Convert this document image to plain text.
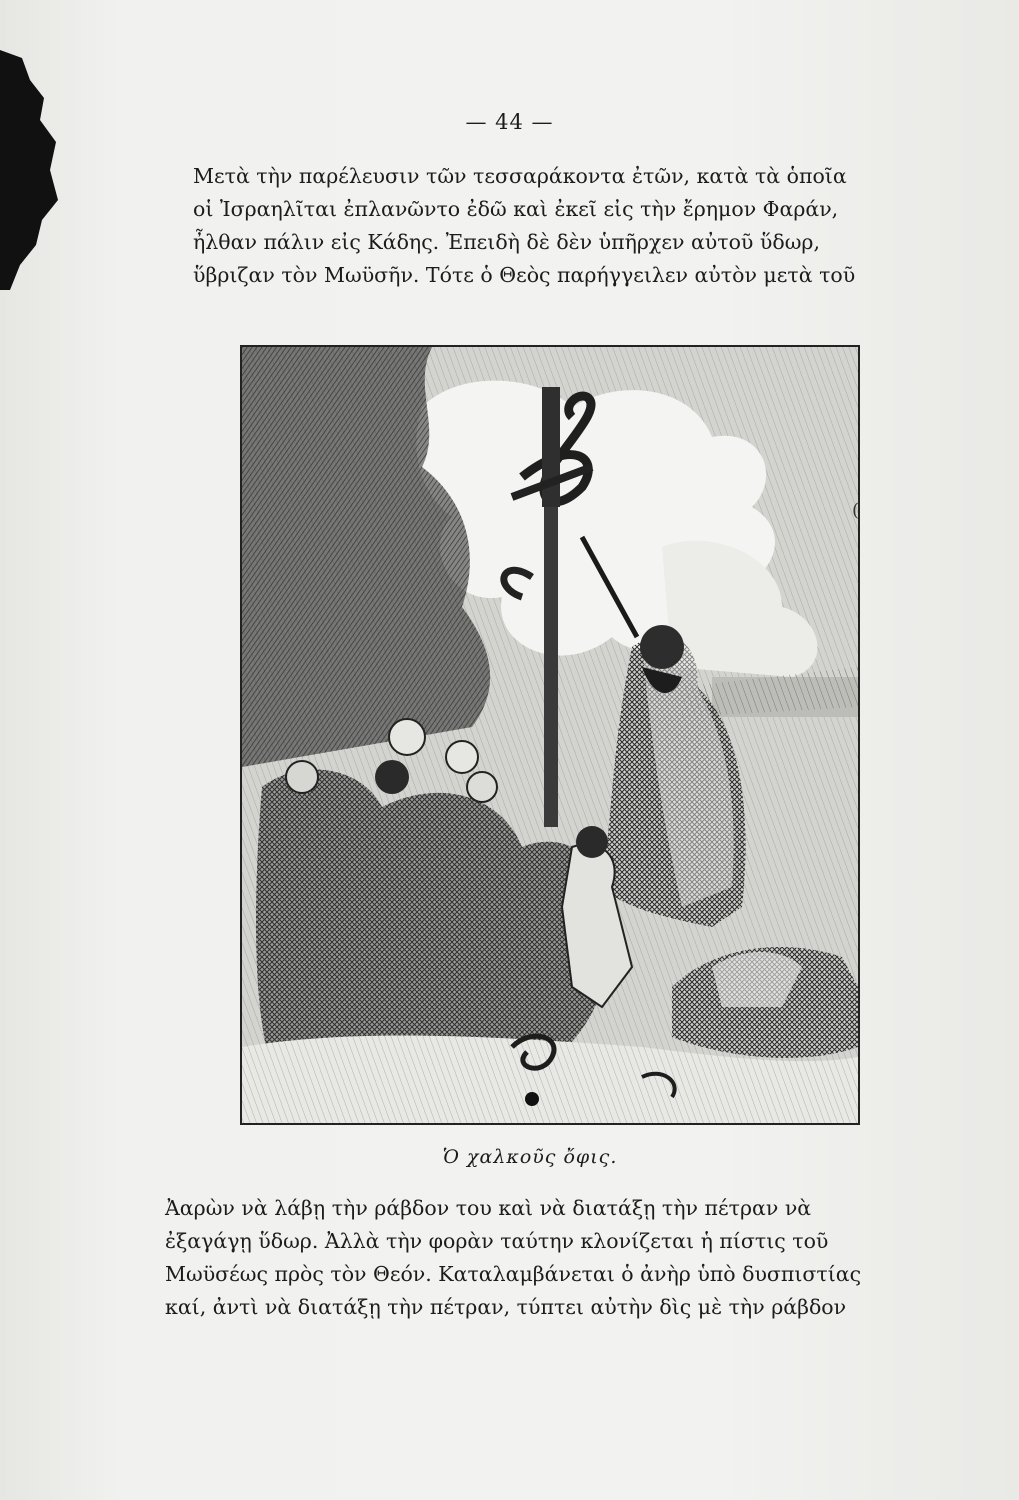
— 44 —

Μετὰ τὴν παρέλευσιν τῶν τεσσαράκοντα ἐτῶν, κατὰ τὰ ὁποῖα
οἱ Ἰσραηλῖται ἐπλανῶντο ἐδῶ καὶ ἐκεῖ εἰς τὴν ἔρημον Φαράν,
ἦλθαν πάλιν εἰς Κάδης. Ἐπειδὴ δὲ δὲν ὑπῆρχεν αὐτοῦ ὕδωρ,
ὕβριζαν τὸν Μωϋσῆν. Τότε ὁ Θεὸς παρήγγειλεν αὐτὸν μετὰ τοῦ

(
Ὁ χαλκοῦς ὄφις.

Ἀαρὼν νὰ λάβῃ τὴν ράβδον του καὶ νὰ διατάξῃ τὴν πέτραν νὰ
ἐξαγάγῃ ὕδωρ. Ἀλλὰ τὴν φορὰν ταύτην κλονίζεται ἡ πίστις τοῦ
Μωϋσέως πρὸς τὸν Θεόν. Καταλαμβάνεται ὁ ἀνὴρ ὑπὸ δυσπιστίας
καί, ἀντὶ νὰ διατάξῃ τὴν πέτραν, τύπτει αὐτὴν δὶς μὲ τὴν ράβδον
